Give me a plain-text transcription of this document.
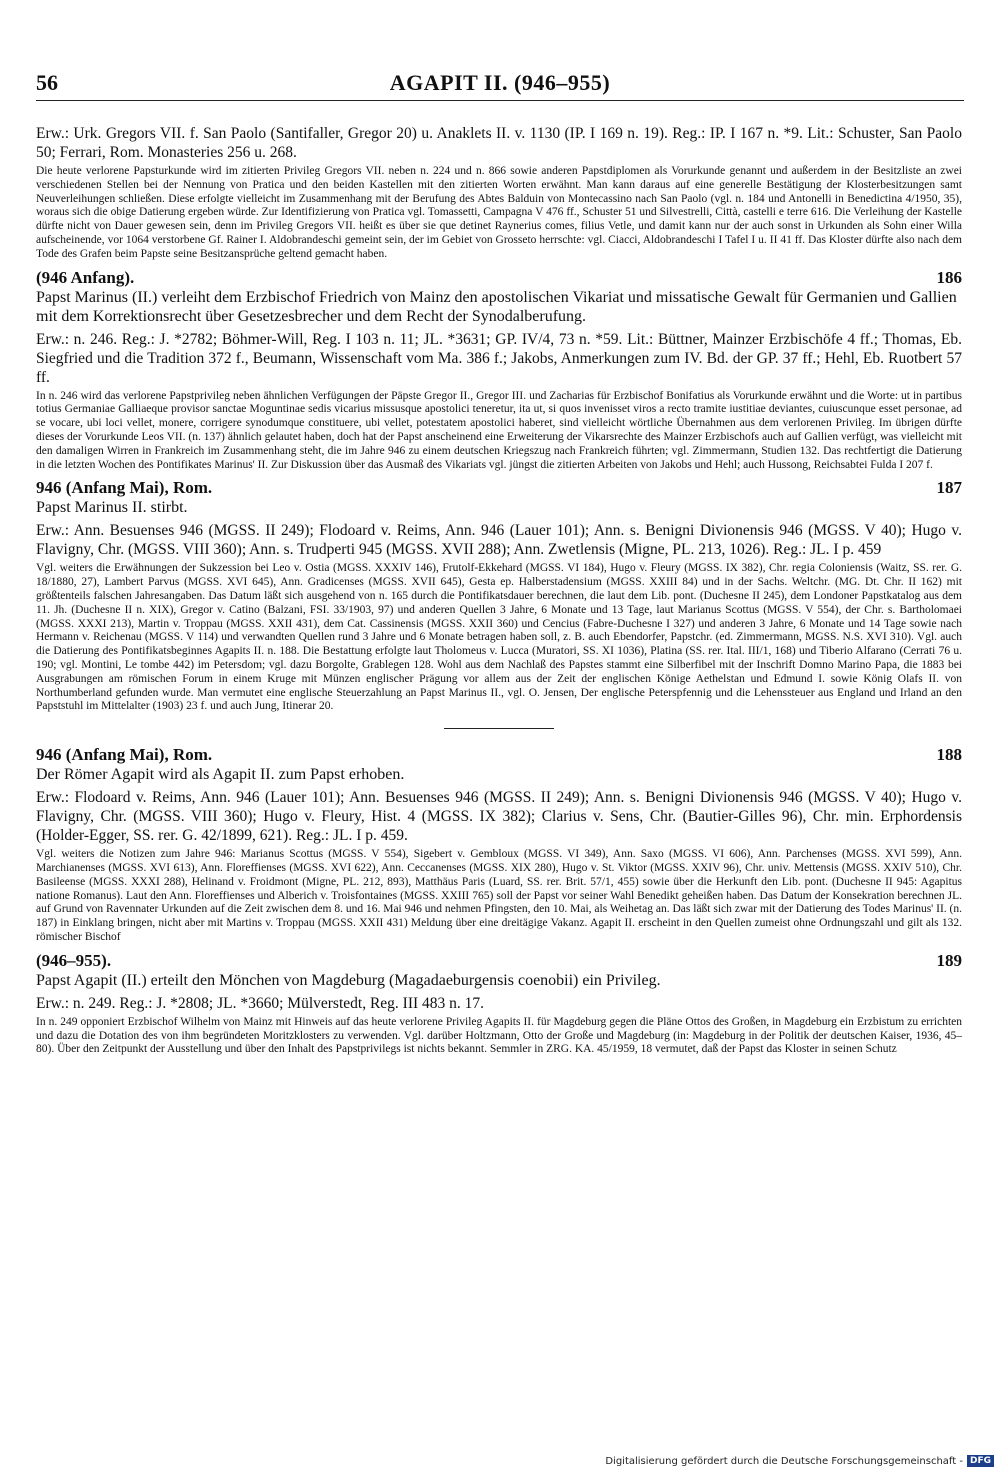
56	AGAPIT II. (946–955)

Erw.: Urk. Gregors VII. f. San Paolo (Santifaller, Gregor 20) u. Anaklets II. v. 1130 (IP. I 169 n. 19). Reg.: IP. I 167 n. *9. Lit.: Schuster, San Paolo 50; Ferrari, Rom. Monasteries 256 u. 268.

Die heute verlorene Papsturkunde wird im zitierten Privileg Gregors VII. neben n. 224 und n. 866 sowie anderen Papstdiplomen als Vorurkunde genannt und außerdem in der Besitzliste an zwei verschiedenen Stellen bei der Nennung von Pratica und den beiden Kastellen mit den zitierten Worten erwähnt. Man kann daraus auf eine generelle Bestätigung der Klosterbesitzungen samt Neuverleihungen schließen. Diese erfolgte vielleicht im Zusammenhang mit der Berufung des Abtes Balduin von Montecassino nach San Paolo (vgl. n. 184 und Antonelli in Benedictina 4/1950, 35), woraus sich die obige Datierung ergeben würde. Zur Identifizierung von Pratica vgl. Tomassetti, Campagna V 476 ff., Schuster 51 und Silvestrelli, Città, castelli e terre 616. Die Verleihung der Kastelle dürfte nicht von Dauer gewesen sein, denn im Privileg Gregors VII. heißt es über sie que detinet Raynerius comes, filius Vetle, und damit kann nur der auch sonst in Urkunden als Sohn einer Willa aufscheinende, vor 1064 verstorbene Gf. Rainer I. Aldobrandeschi gemeint sein, der im Gebiet von Grosseto herrschte: vgl. Ciacci, Aldobrandeschi I Tafel I u. II 41 ff. Das Kloster dürfte also nach dem Tode des Grafen beim Papste seine Besitzansprüche geltend gemacht haben.

(946 Anfang).	186

Papst Marinus (II.) verleiht dem Erzbischof Friedrich von Mainz den apostolischen Vikariat und missatische Gewalt für Germanien und Gallien mit dem Korrektionsrecht über Gesetzesbrecher und dem Recht der Synodalberufung.

Erw.: n. 246. Reg.: J. *2782; Böhmer-Will, Reg. I 103 n. 11; JL. *3631; GP. IV/4, 73 n. *59. Lit.: Büttner, Mainzer Erzbischöfe 4 ff.; Thomas, Eb. Siegfried und die Tradition 372 f., Beumann, Wissenschaft vom Ma. 386 f.; Jakobs, Anmerkungen zum IV. Bd. der GP. 37 ff.; Hehl, Eb. Ruotbert 57 ff.

In n. 246 wird das verlorene Papstprivileg neben ähnlichen Verfügungen der Päpste Gregor II., Gregor III. und Zacharias für Erzbischof Bonifatius als Vorurkunde erwähnt und die Worte: ut in partibus totius Germaniae Galliaeque provisor sanctae Moguntinae sedis vicarius missusque apostolici teneretur, ita ut, si quos invenisset viros a recto tramite iustitiae deviantes, cuiuscunque esset personae, ad se vocare, ubi loci vellet, monere, corrigere synodumque constituere, ubi vellet, potestatem apostolici haberet, sind vielleicht wörtliche Übernahmen aus dem verlorenen Privileg. Im übrigen dürfte dieses der Vorurkunde Leos VII. (n. 137) ähnlich gelautet haben, doch hat der Papst anscheinend eine Erweiterung der Vikarsrechte des Mainzer Erzbischofs auch auf Gallien verfügt, was vielleicht mit den damaligen Wirren in Frankreich im Zusammenhang steht, die im Jahre 946 zu einem deutschen Kriegszug nach Frankreich führten; vgl. Zimmermann, Studien 132. Das rechtfertigt die Datierung in die letzten Wochen des Pontifikates Marinus' II. Zur Diskussion über das Ausmaß des Vikariats vgl. jüngst die zitierten Arbeiten von Jakobs und Hehl; auch Hussong, Reichsabtei Fulda I 207 f.

946 (Anfang Mai), Rom.	187

Papst Marinus II. stirbt.

Erw.: Ann. Besuenses 946 (MGSS. II 249); Flodoard v. Reims, Ann. 946 (Lauer 101); Ann. s. Benigni Divionensis 946 (MGSS. V 40); Hugo v. Flavigny, Chr. (MGSS. VIII 360); Ann. s. Trudperti 945 (MGSS. XVII 288); Ann. Zwetlensis (Migne, PL. 213, 1026). Reg.: JL. I p. 459

Vgl. weiters die Erwähnungen der Sukzession bei Leo v. Ostia (MGSS. XXXIV 146), Frutolf-Ekkehard (MGSS. VI 184), Hugo v. Fleury (MGSS. IX 382), Chr. regia Coloniensis (Waitz, SS. rer. G. 18/1880, 27), Lambert Parvus (MGSS. XVI 645), Ann. Gradicenses (MGSS. XVII 645), Gesta ep. Halberstadensium (MGSS. XXIII 84) und in der Sachs. Weltchr. (MG. Dt. Chr. II 162) mit größtenteils falschen Jahresangaben. Das Datum läßt sich ausgehend von n. 165 durch die Pontifikatsdauer berechnen, die laut dem Lib. pont. (Duchesne II 245), dem Londoner Papstkatalog aus dem 11. Jh. (Duchesne II n. XIX), Gregor v. Catino (Balzani, FSI. 33/1903, 97) und anderen Quellen 3 Jahre, 6 Monate und 13 Tage, laut Marianus Scottus (MGSS. V 554), der Chr. s. Bartholomaei (MGSS. XXXI 213), Martin v. Troppau (MGSS. XXII 431), dem Cat. Cassinensis (MGSS. XXII 360) und Cencius (Fabre-Duchesne I 327) und anderen 3 Jahre, 6 Monate und 14 Tage sowie nach Hermann v. Reichenau (MGSS. V 114) und verwandten Quellen rund 3 Jahre und 6 Monate betragen haben soll, z. B. auch Ebendorfer, Papstchr. (ed. Zimmermann, MGSS. N.S. XVI 310). Vgl. auch die Datierung des Pontifikatsbeginnes Agapits II. n. 188. Die Bestattung erfolgte laut Tholomeus v. Lucca (Muratori, SS. XI 1036), Platina (SS. rer. Ital. III/1, 168) und Tiberio Alfarano (Cerrati 76 u. 190; vgl. Montini, Le tombe 442) im Petersdom; vgl. dazu Borgolte, Grablegen 128. Wohl aus dem Nachlaß des Papstes stammt eine Silberfibel mit der Inschrift Domno Marino Papa, die 1883 bei Ausgrabungen am römischen Forum in einem Kruge mit Münzen englischer Prägung vor allem aus der Zeit der englischen Könige Aethelstan und Edmund I. sowie König Olafs II. von Northumberland gefunden wurde. Man vermutet eine englische Steuerzahlung an Papst Marinus II., vgl. O. Jensen, Der englische Peterspfennig und die Lehenssteuer aus England und Irland an den Papststuhl im Mittelalter (1903) 23 f. und auch Jung, Itinerar 20.

946 (Anfang Mai), Rom.	188

Der Römer Agapit wird als Agapit II. zum Papst erhoben.

Erw.: Flodoard v. Reims, Ann. 946 (Lauer 101); Ann. Besuenses 946 (MGSS. II 249); Ann. s. Benigni Divionensis 946 (MGSS. V 40); Hugo v. Flavigny, Chr. (MGSS. VIII 360); Hugo v. Fleury, Hist. 4 (MGSS. IX 382); Clarius v. Sens, Chr. (Bautier-Gilles 96), Chr. min. Erphordensis (Holder-Egger, SS. rer. G. 42/1899, 621). Reg.: JL. I p. 459.

Vgl. weiters die Notizen zum Jahre 946: Marianus Scottus (MGSS. V 554), Sigebert v. Gembloux (MGSS. VI 349), Ann. Saxo (MGSS. VI 606), Ann. Parchenses (MGSS. XVI 599), Ann. Marchianenses (MGSS. XVI 613), Ann. Floreffienses (MGSS. XVI 622), Ann. Ceccanenses (MGSS. XIX 280), Hugo v. St. Viktor (MGSS. XXIV 96), Chr. univ. Mettensis (MGSS. XXIV 510), Chr. Basileense (MGSS. XXXI 288), Helinand v. Froidmont (Migne, PL. 212, 893), Matthäus Paris (Luard, SS. rer. Brit. 57/1, 455) sowie über die Herkunft den Lib. pont. (Duchesne II 945: Agapitus natione Romanus). Laut den Ann. Floreffienses und Alberich v. Troisfontaines (MGSS. XXIII 765) soll der Papst vor seiner Wahl Benedikt geheißen haben. Das Datum der Konsekration berechnen JL. auf Grund von Ravennater Urkunden auf die Zeit zwischen dem 8. und 16. Mai 946 und nehmen Pfingsten, den 10. Mai, als Weihetag an. Das läßt sich zwar mit der Datierung des Todes Marinus' II. (n. 187) in Einklang bringen, nicht aber mit Martins v. Troppau (MGSS. XXII 431) Meldung über eine dreitägige Vakanz. Agapit II. erscheint in den Quellen zumeist ohne Ordnungszahl und gilt als 132. römischer Bischof

(946–955).	189

Papst Agapit (II.) erteilt den Mönchen von Magdeburg (Magadaeburgensis coenobii) ein Privileg.

Erw.: n. 249. Reg.: J. *2808; JL. *3660; Mülverstedt, Reg. III 483 n. 17.

In n. 249 opponiert Erzbischof Wilhelm von Mainz mit Hinweis auf das heute verlorene Privileg Agapits II. für Magdeburg gegen die Pläne Ottos des Großen, in Magdeburg ein Erzbistum zu errichten und dazu die Dotation des von ihm begründeten Moritzklosters zu verwenden. Vgl. darüber Holtzmann, Otto der Große und Magdeburg (in: Magdeburg in der Politik der deutschen Kaiser, 1936, 45–80). Über den Zeitpunkt der Ausstellung und über den Inhalt des Papstprivilegs ist nichts bekannt. Semmler in ZRG. KA. 45/1959, 18 vermutet, daß der Papst das Kloster in seinen Schutz

Digitalisierung gefördert durch die Deutsche Forschungsgemeinschaft - DFG
